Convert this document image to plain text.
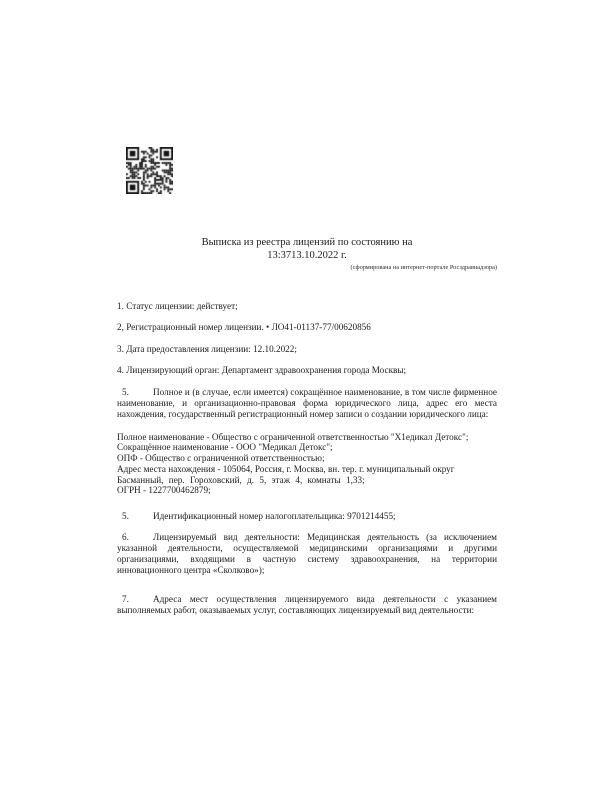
Выписка из реестра лицензий по состоянию на
13:3713.10.2022 г.
(сформирована на интернет-портале Росздравнадзора)
1. Статус лицензии: действует;
2, Регистрационный номер лицензии. • ЛО41-01137-77/00620856
3. Дата предоставления лицензии: 12.10.2022;
4. Лицензирующий орган: Департамент здравоохранения города Москвы;
5.	Полное и (в случае, если имеется) сокращённое наименование, в том числе фирменное наименование, и организационно-правовая форма юридического лица, адрес его места нахождения, государственный регистрационный номер записи о создании юридического лица:
Полное наименование - Общество с ограниченной ответственностью "Х1едикал Детокс";
Сокращённое наименование - ООО "Медикал Детокс";
ОПФ - Общество с ограниченной ответственностью;
Адрес места нахождения - 105064, Россия, г. Москва, вн. тер. г. муниципальный округ
Басманный, пер. Гороховский, д. 5, этаж 4, комнаты 1,33;
ОГРН - 1227700462879;
5.	Идентификационный номер налогоплательщика: 9701214455;
6.	Лицензируемый вид деятельности: Медицинская деятельность (за исключением указанной деятельности, осуществляемой медицинскими организациями и другими организациями, входящими в частную систему здравоохранения, на территории инновационного центра «Сколково»);
7.	Адреса мест осуществления лицензируемого вида деятельности с указанием выполняемых работ, оказываемых услуг, составляющих лицензируемый вид деятельности:
